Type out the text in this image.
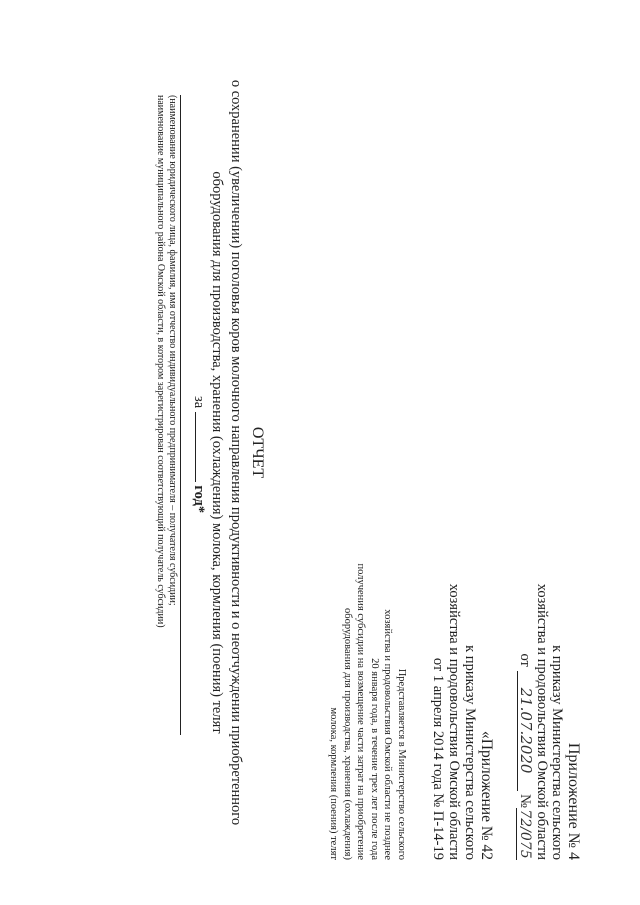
Приложение № 4
к приказу Министерства сельского
хозяйства и продовольствия Омской области
от 21.07.2020 №72/075
«Приложение № 42
к приказу Министерства сельского
хозяйства и продовольствия Омской области
от 1 апреля 2014 года № П-14-19
Представляется в Министерство сельского
хозяйства и продовольствия Омской области не позднее
20 января года, в течение трех лет после года
получения субсидии на возмещение части затрат на приобретение
оборудования для производства, хранения (охлаждения)
молока, кормления (поения) телят
ОТЧЕТ
о сохранении (увеличении) поголовья коров молочного направления продуктивности и о неотчуждении приобретенного
оборудования для производства, хранения (охлаждения) молока, кормления (поения) телят
за  год*
(наименование юридического лица, фамилия, имя отчество индивидуального предпринимателя – получателя субсидии;
наименование муниципального района Омской области, в котором зарегистрирован соответствующий получатель субсидии)
